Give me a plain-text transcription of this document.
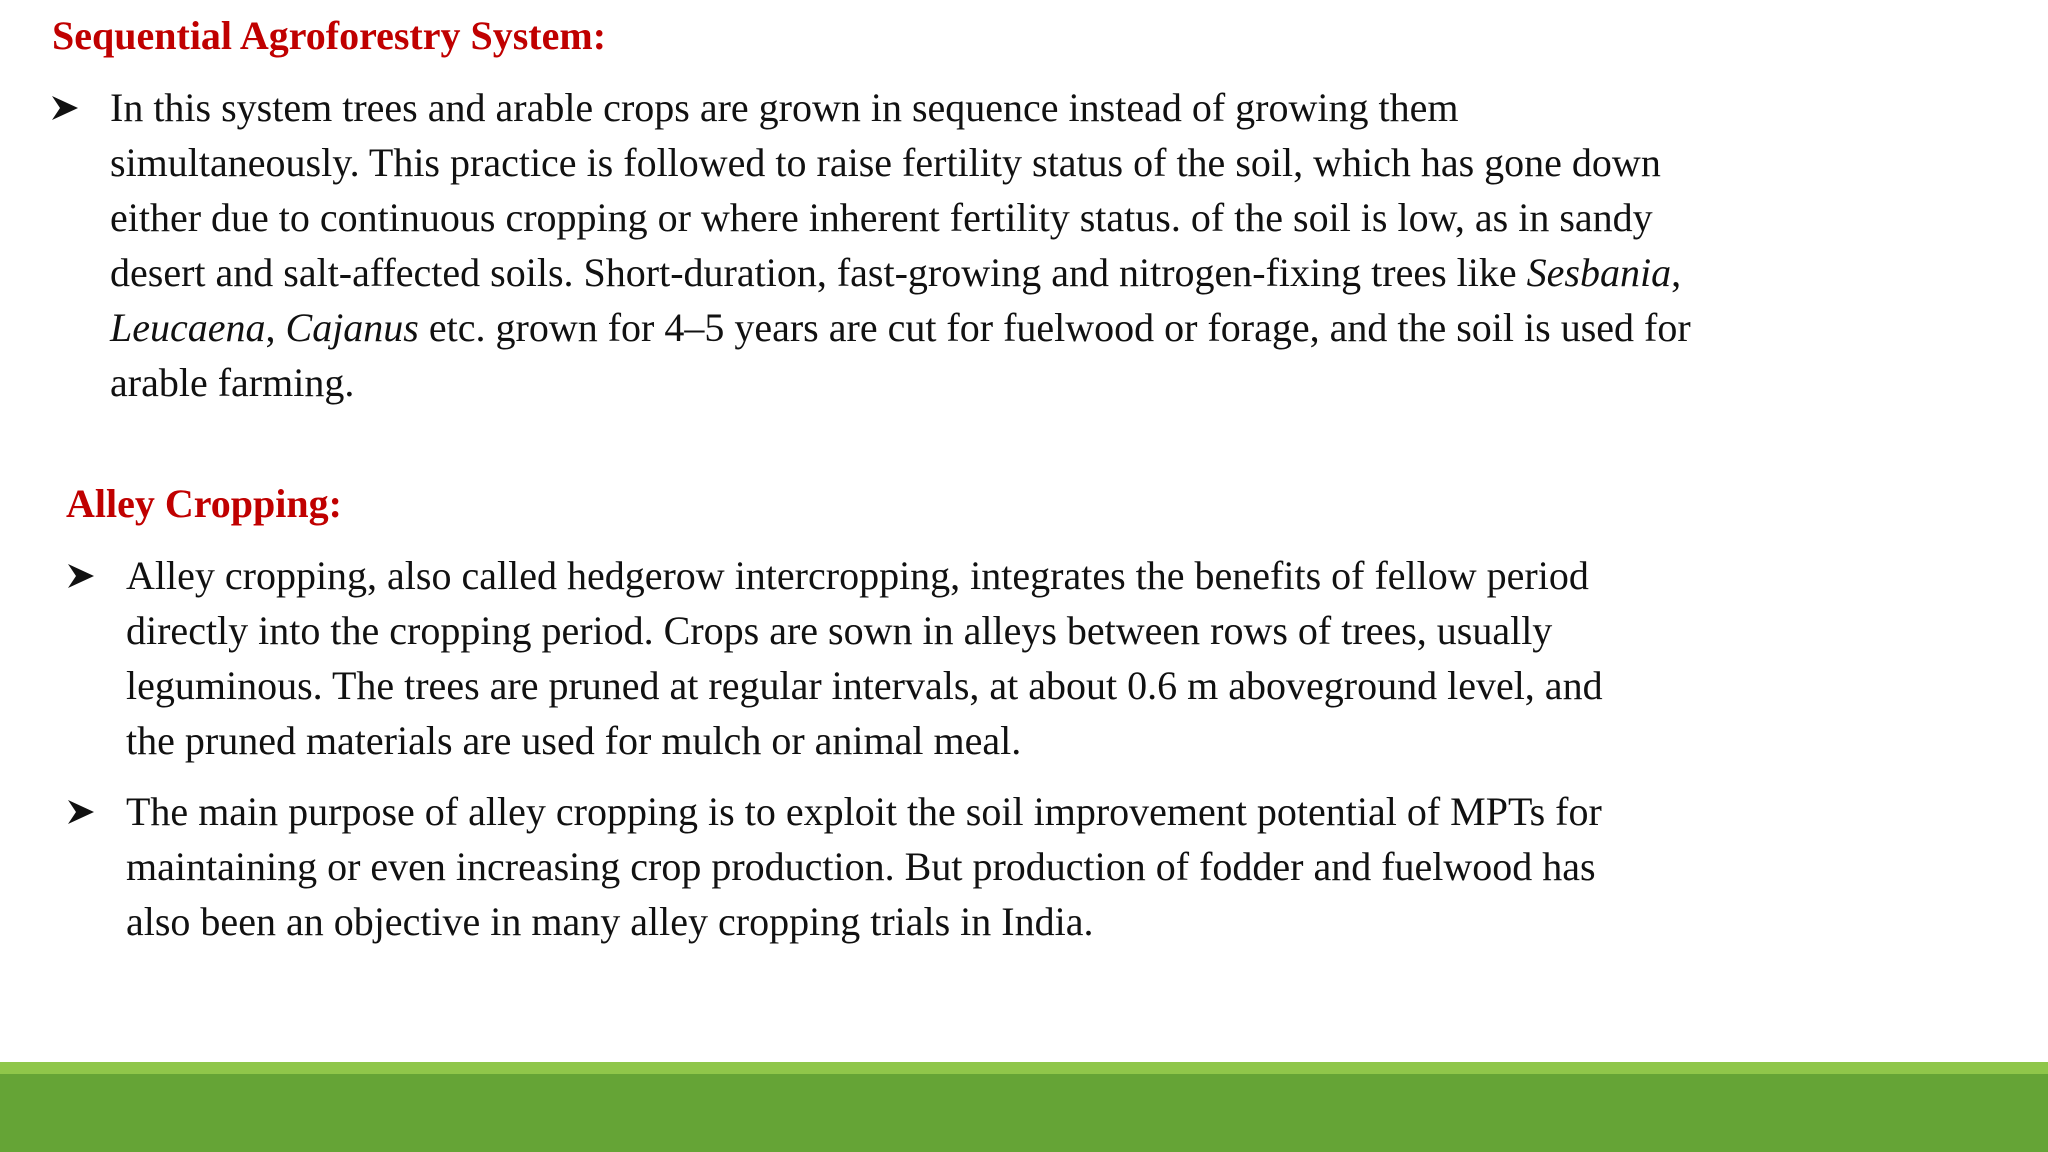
Sequential Agroforestry System:
In this system trees and arable crops are grown in sequence instead of growing them
simultaneously. This practice is followed to raise fertility status of the soil, which has gone down
either due to continuous cropping or where inherent fertility status. of the soil is low, as in sandy
desert and salt-affected soils. Short-duration, fast-growing and nitrogen-fixing trees like Sesbania,
Leucaena, Cajanus etc. grown for 4–5 years are cut for fuelwood or forage, and the soil is used for
arable farming.
Alley Cropping:
Alley cropping, also called hedgerow intercropping, integrates the benefits of fellow period
directly into the cropping period. Crops are sown in alleys between rows of trees, usually
leguminous. The trees are pruned at regular intervals, at about 0.6 m aboveground level, and
the pruned materials are used for mulch or animal meal.
The main purpose of alley cropping is to exploit the soil improvement potential of MPTs for
maintaining or even increasing crop production. But production of fodder and fuelwood has
also been an objective in many alley cropping trials in India.
